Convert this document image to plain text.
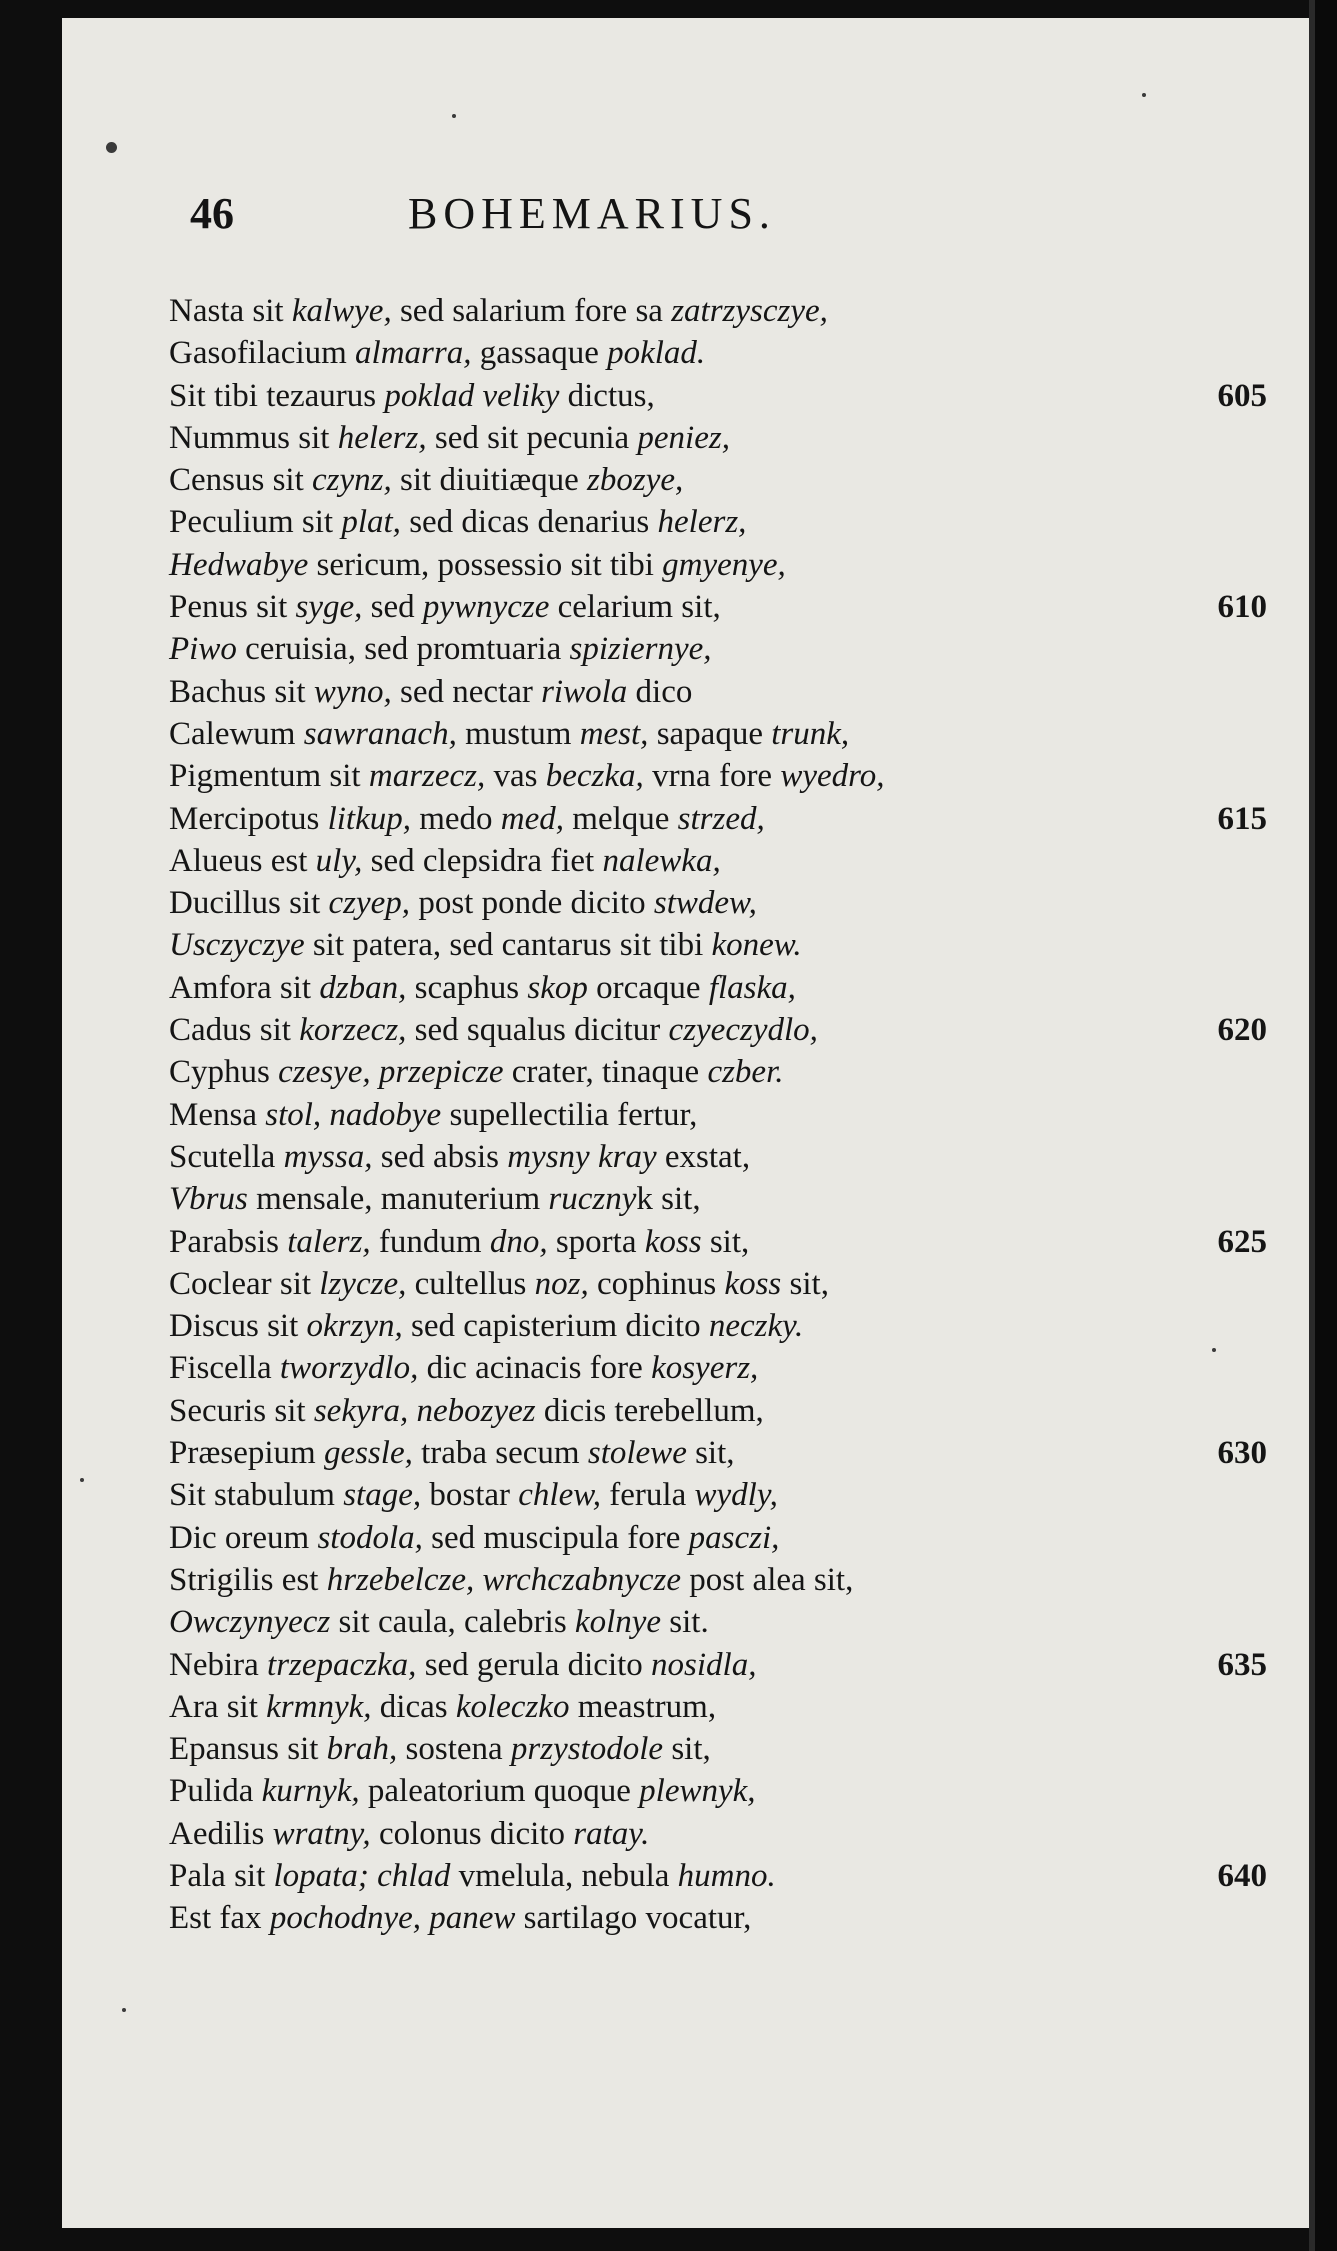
46	BOHEMARIUS.
Nasta sit kalwye, sed salarium fore sa zatrzysczye,
Gasofilacium almarra, gassaque poklad.
Sit tibi tezaurus poklad veliky dictus,	605
Nummus sit helerz, sed sit pecunia peniez,
Census sit czynz, sit diuitiæque zbozye,
Peculium sit plat, sed dicas denarius helerz,
Hedwabye sericum, possessio sit tibi gmyenye,
Penus sit syge, sed pywnycze celarium sit,	610
Piwo ceruisia, sed promtuaria spiziernye,
Bachus sit wyno, sed nectar riwola dico
Calewum sawranach, mustum mest, sapaque trunk,
Pigmentum sit marzecz, vas beczka, vrna fore wyedro,
Mercipotus litkup, medo med, melque strzed,	615
Alueus est uly, sed clepsidra fiet nalewka,
Ducillus sit czyep, post ponde dicito stwdew,
Usczyczye sit patera, sed cantarus sit tibi konew.
Amfora sit dzban, scaphus skop orcaque flaska,
Cadus sit korzecz, sed squalus dicitur czyeczydlo,	620
Cyphus czesye, przepicze crater, tinaque czber.
Mensa stol, nadobye supellectilia fertur,
Scutella myssa, sed absis mysny kray exstat,
Vbrus mensale, manuterium rucznyk sit,
Parabsis talerz, fundum dno, sporta koss sit,	625
Coclear sit lzycze, cultellus noz, cophinus koss sit,
Discus sit okrzyn, sed capisterium dicito neczky.
Fiscella tworzydlo, dic acinacis fore kosyerz,
Securis sit sekyra, nebozyez dicis terebellum,
Præsepium gessle, traba secum stolewe sit,	630
Sit stabulum stage, bostar chlew, ferula wydly,
Dic oreum stodola, sed muscipula fore pasczi,
Strigilis est hrzebelcze, wrchczabnycze post alea sit,
Owczynyecz sit caula, calebris kolnye sit.
Nebira trzepaczka, sed gerula dicito nosidla,	635
Ara sit krmnyk, dicas koleczko meastrum,
Epansus sit brah, sostena przystodole sit,
Pulida kurnyk, paleatorium quoque plewnyk,
Aedilis wratny, colonus dicito ratay.
Pala sit lopata; chlad vmelula, nebula humno.	640
Est fax pochodnye, panew sartilago vocatur,
